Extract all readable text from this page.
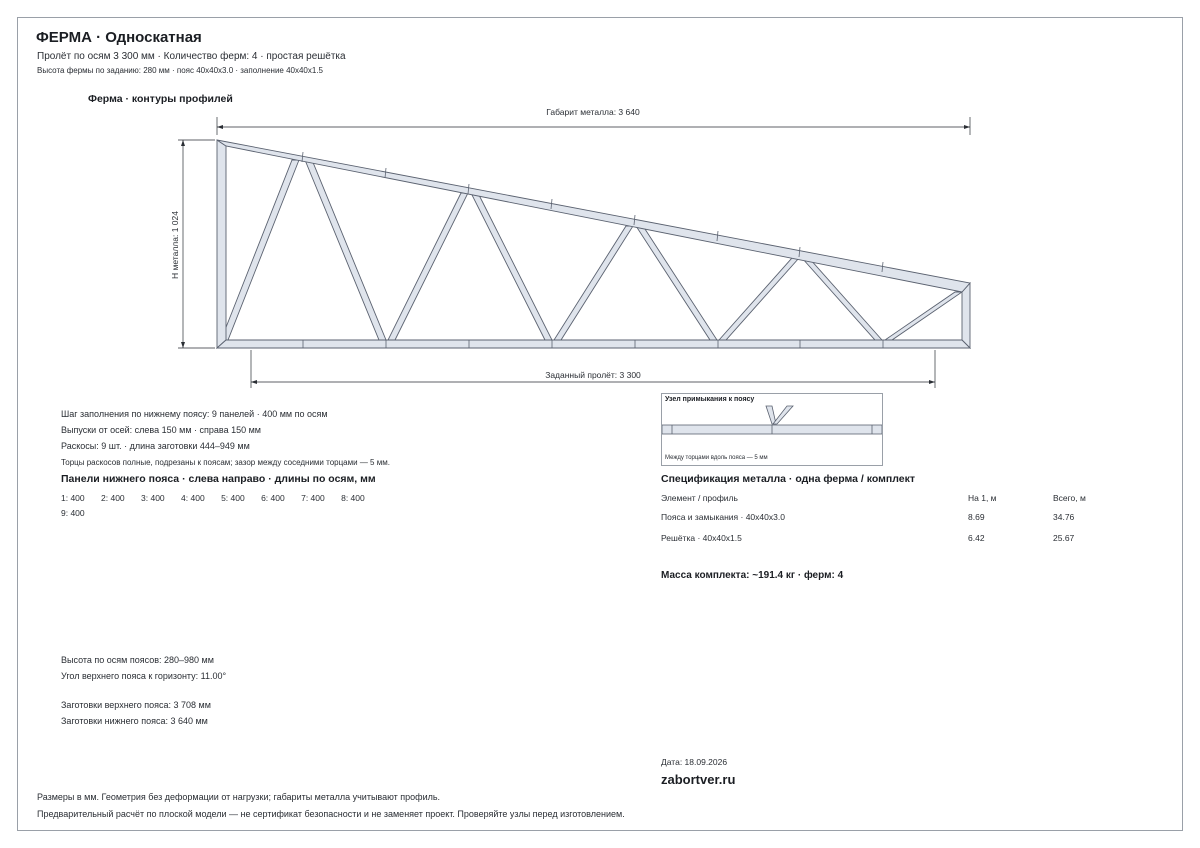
ФЕРМА · Односкатная
Пролёт по осям 3 300 мм · Количество ферм: 4 · простая решётка
Высота фермы по заданию: 280 мм · пояс 40x40x3.0 · заполнение 40x40x1.5
Ферма · контуры профилей
Габарит металла: 3 640
Н металла: 1 024
Заданный пролёт: 3 300
Узел примыкания к поясу
Между торцами вдоль пояса — 5 мм
Шаг заполнения по нижнему поясу: 9 панелей · 400 мм по осям
Выпуски от осей: слева 150 мм · справа 150 мм
Раскосы: 9 шт. · длина заготовки 444–949 мм
Торцы раскосов полные, подрезаны к поясам; зазор между соседними торцами — 5 мм.
Панели нижнего пояса · слева направо · длины по осям, мм
1: 400 2: 400 3: 400 4: 400 5: 400 6: 400 7: 400 8: 400 9: 400
Спецификация металла · одна ферма / комплект
Элемент / профиль	На 1, м	Всего, м
Пояса и замыкания · 40x40x3.0	8.69	34.76
Решётка · 40x40x1.5	6.42	25.67
Масса комплекта: ~191.4 кг · ферм: 4
Высота по осям поясов: 280–980 мм
Угол верхнего пояса к горизонту: 11.00°
Заготовки верхнего пояса: 3 708 мм
Заготовки нижнего пояса: 3 640 мм
Дата: 18.09.2026
zabortver.ru
Размеры в мм. Геометрия без деформации от нагрузки; габариты металла учитывают профиль.
Предварительный расчёт по плоской модели — не сертификат безопасности и не заменяет проект. Проверяйте узлы перед изготовлением.
